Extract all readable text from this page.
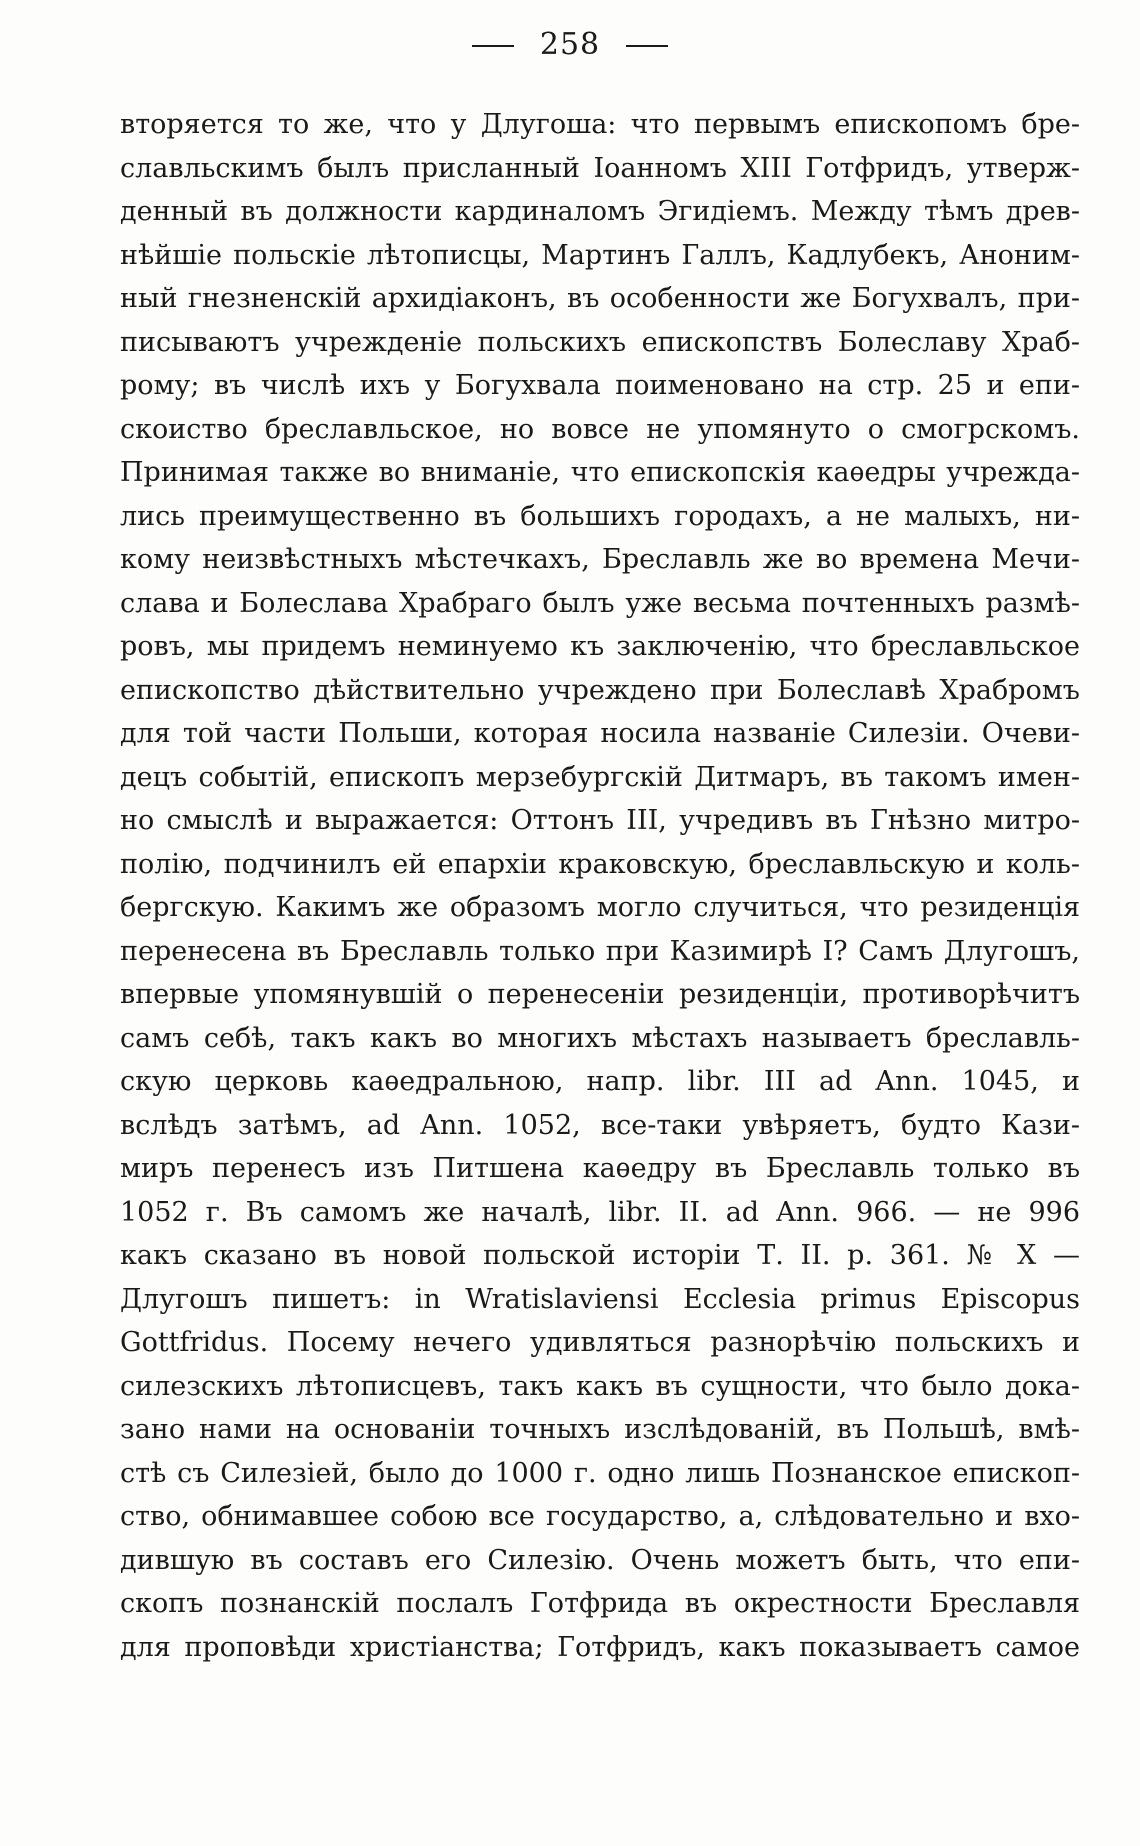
258
вторяется то же, что у Длугоша: что первымъ епископомъ бре-
славльскимъ былъ присланный Іоанномъ XIII Готфридъ, утверж-
денный въ должности кардиналомъ Эгидіемъ. Между тѣмъ древ-
нѣйшіе польскіе лѣтописцы, Мартинъ Галлъ, Кадлубекъ, Аноним-
ный гнезненскій архидіаконъ, въ особенности же Богухвалъ, при-
писываютъ учрежденіе польскихъ епископствъ Болеславу Храб-
рому; въ числѣ ихъ у Богухвала поименовано на стр. 25 и епи-
скоиство бреславльское, но вовсе не упомянуто о смогрскомъ.
Принимая также во вниманіе, что епископскія каѳедры учрежда-
лись преимущественно въ большихъ городахъ, а не малыхъ, ни-
кому неизвѣстныхъ мѣстечкахъ, Бреславль же во времена Мечи-
слава и Болеслава Храбраго былъ уже весьма почтенныхъ размѣ-
ровъ, мы придемъ неминуемо къ заключенію, что бреславльское
епископство дѣйствительно учреждено при Болеславѣ Храбромъ
для той части Польши, которая носила названіе Силезіи. Очеви-
децъ событій, епископъ мерзебургскій Дитмаръ, въ такомъ имен-
но смыслѣ и выражается: Оттонъ III, учредивъ въ Гнѣзно митро-
полію, подчинилъ ей епархіи краковскую, бреславльскую и коль-
бергскую. Какимъ же образомъ могло случиться, что резиденція
перенесена въ Бреславль только при Казимирѣ I? Самъ Длугошъ,
впервые упомянувшій о перенесеніи резиденціи, противорѣчитъ
самъ себѣ, такъ какъ во многихъ мѣстахъ называетъ бреславль-
скую церковь каѳедральною, напр. libr. III ad Ann. 1045, и
вслѣдъ затѣмъ, ad Ann. 1052, все-таки увѣряетъ, будто Кази-
миръ перенесъ изъ Питшена каѳедру въ Бреславль только въ
1052 г. Въ самомъ же началѣ, libr. II. ad Ann. 966. — не 996
какъ сказано въ новой польской исторіи Т. II. р. 361. № X —
Длугошъ пишетъ: in Wratislaviensi Ecclesia primus Episcopus
Gottfridus. Посему нечего удивляться разнорѣчію польскихъ и
силезскихъ лѣтописцевъ, такъ какъ въ сущности, что было дока-
зано нами на основаніи точныхъ изслѣдованій, въ Польшѣ, вмѣ-
стѣ съ Силезіей, было до 1000 г. одно лишь Познанское епископ-
ство, обнимавшее собою все государство, а, слѣдовательно и вхо-
дившую въ составъ его Силезію. Очень можетъ быть, что епи-
скопъ познанскій послалъ Готфрида въ окрестности Бреславля
для проповѣди христіанства; Готфридъ, какъ показываетъ самое
